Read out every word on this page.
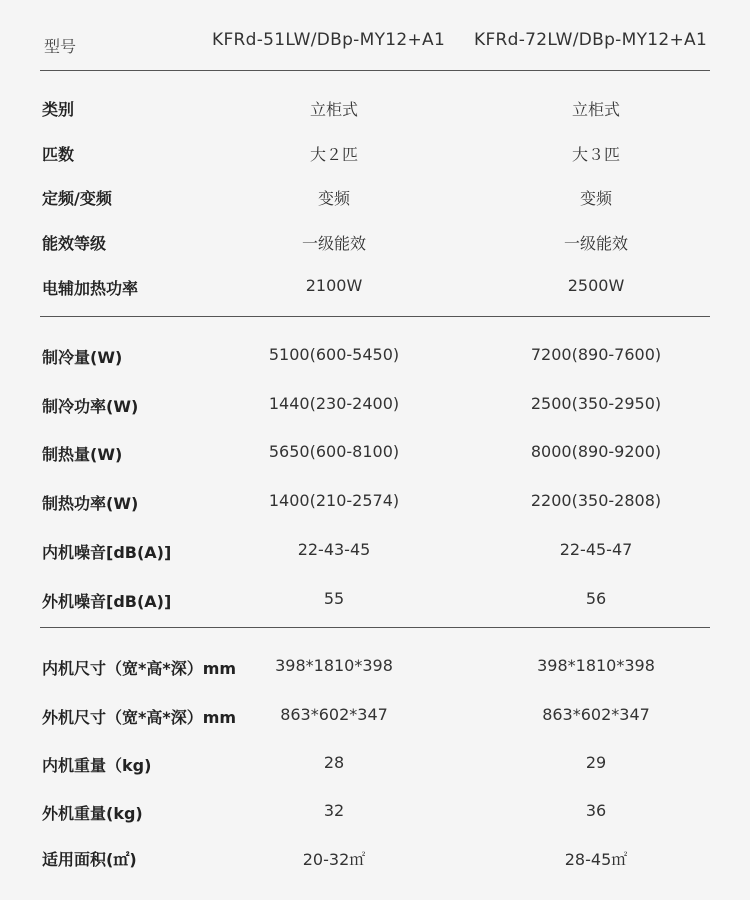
型号	KFRd-51LW/DBp-MY12+A1 KFRd-72LW/DBp-MY12+A1
类别	立柜式	立柜式
匹数	大２匹	大３匹
定频/变频	变频	变频
能效等级	一级能效	一级能效
电辅加热功率	2100W	2500W
制冷量(W)	5100(600-5450)	7200(890-7600)
制冷功率(W)	1440(230-2400)	2500(350-2950)
制热量(W)	5650(600-8100)	8000(890-9200)
制热功率(W)	1400(210-2574)	2200(350-2808)
内机噪音[dB(A)]	22-43-45	22-45-47
外机噪音[dB(A)]	55	56
内机尺寸（宽*高*深）mm	398*1810*398	398*1810*398
外机尺寸（宽*高*深）mm	863*602*347	863*602*347
内机重量（kg)	28	29
外机重量(kg)	32	36
适用面积(㎡)	20-32㎡	28-45㎡
